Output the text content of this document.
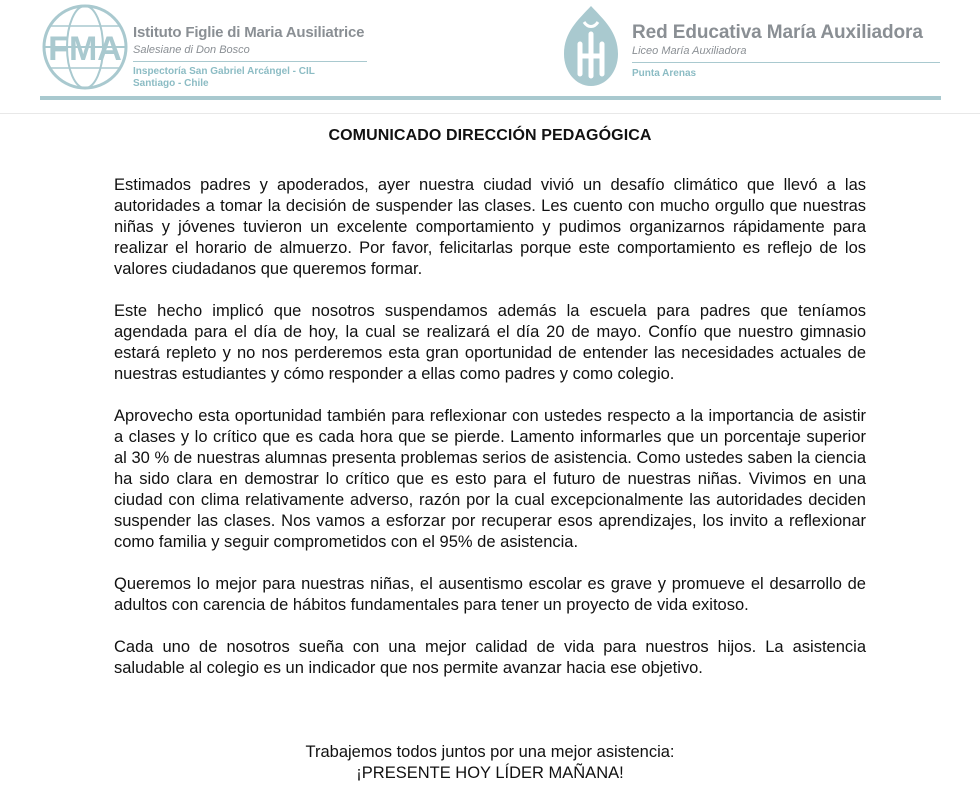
FMA Istituto Figlie di Maria Ausiliatrice
Salesiane di Don Bosco
Inspectoría San Gabriel Arcángel - CIL
Santiago - Chile
Red Educativa María Auxiliadora
Liceo María Auxiliadora
Punta Arenas
COMUNICADO DIRECCIÓN PEDAGÓGICA

Estimados padres y apoderados, ayer nuestra ciudad vivió un desafío climático que llevó a las autoridades a tomar la decisión de suspender las clases. Les cuento con mucho orgullo que nuestras niñas y jóvenes tuvieron un excelente comportamiento y pudimos organizarnos rápidamente para realizar el horario de almuerzo. Por favor, felicitarlas porque este comportamiento es reflejo de los valores ciudadanos que queremos formar.

Este hecho implicó que nosotros suspendamos además la escuela para padres que teníamos agendada para el día de hoy, la cual se realizará el día 20 de mayo. Confío que nuestro gimnasio estará repleto y no nos perderemos esta gran oportunidad de entender las necesidades actuales de nuestras estudiantes y cómo responder a ellas como padres y como colegio.

Aprovecho esta oportunidad también para reflexionar con ustedes respecto a la importancia de asistir a clases y lo crítico que es cada hora que se pierde. Lamento informarles que un porcentaje superior al 30 % de nuestras alumnas presenta problemas serios de asistencia. Como ustedes saben la ciencia ha sido clara en demostrar lo crítico que es esto para el futuro de nuestras niñas. Vivimos en una ciudad con clima relativamente adverso, razón por la cual excepcionalmente las autoridades deciden suspender las clases. Nos vamos a esforzar por recuperar esos aprendizajes, los invito a reflexionar como familia y seguir comprometidos con el 95% de asistencia.

Queremos lo mejor para nuestras niñas, el ausentismo escolar es grave y promueve el desarrollo de adultos con carencia de hábitos fundamentales para tener un proyecto de vida exitoso.

Cada uno de nosotros sueña con una mejor calidad de vida para nuestros hijos. La asistencia saludable al colegio es un indicador que nos permite avanzar hacia ese objetivo.

Trabajemos todos juntos por una mejor asistencia:
¡PRESENTE HOY LÍDER MAÑANA!
